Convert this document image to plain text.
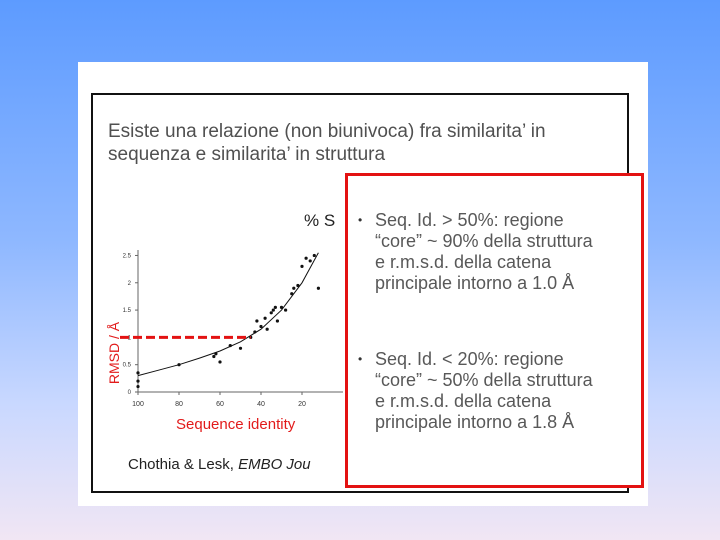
Esiste una relazione (non biunivoca) fra similarita’ in sequenza e similarita’ in struttura
% S
RMSD / Å
0
0.5
1
1.5
2
2.5
100	80	60	40	20
Sequence identity
Chothia & Lesk, EMBO Jou
• Seq. Id. > 50%: regione
“core” ~ 90% della struttura
e r.m.s.d. della catena
principale intorno a 1.0 Å
• Seq. Id. < 20%: regione
“core” ~ 50% della struttura
e r.m.s.d. della catena
principale intorno a 1.8 Å
